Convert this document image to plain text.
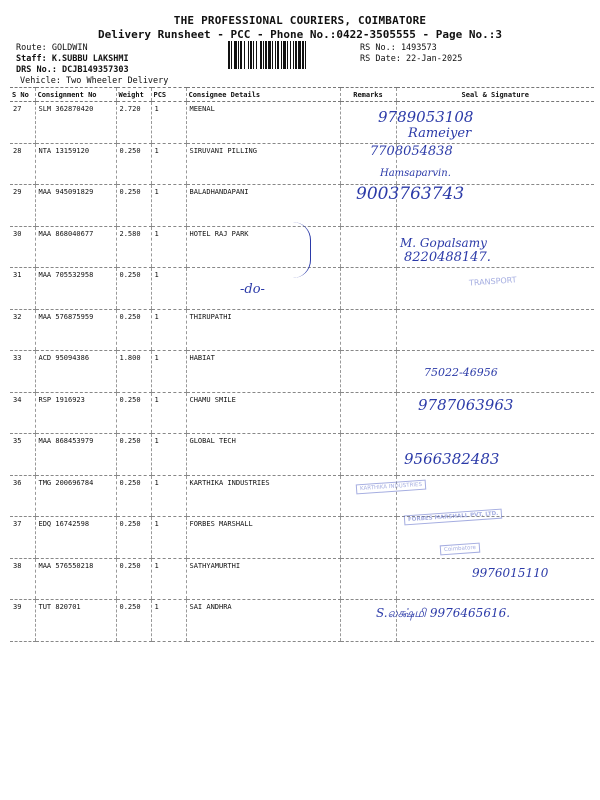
THE PROFESSIONAL COURIERS, COIMBATORE
Delivery Runsheet - PCC - Phone No.:0422-3505555 - Page No.:3
Route: GOLDWIN
Staff: K.SUBBU LAKSHMI
DRS No.: DCJB149357303
Vehicle: Two Wheeler Delivery
RS No.: 1493573
RS Date: 22-Jan-2025
S No	Consignment No	Weight	PCS	Consignee Details	Remarks	Seal & Signature
27	SLM 362870420	2.720	1	MEENAL		
28	NTA 13159120	0.250	1	SIRUVANI PILLING		
29	MAA 945091829	0.250	1	BALADHANDAPANI		
30	MAA 868040677	2.580	1	HOTEL RAJ PARK		
31	MAA 705532958	0.250	1			
32	MAA 576875959	0.250	1	THIRUPATHI		
33	ACD 95094386	1.800	1	HABIAT		
34	RSP 1916923	0.250	1	CHAMU SMILE		
35	MAA 868453979	0.250	1	GLOBAL TECH		
36	TMG 200696784	0.250	1	KARTHIKA INDUSTRIES		
37	EDQ 16742598	0.250	1	FORBES MARSHALL		
38	MAA 576550218	0.250	1	SATHYAMURTHI		
39	TUT 820701	0.250	1	SAI ANDHRA		
9789053108
Rameiyer
7708054838
Hamsaparvin.
9003763743
M. Gopalsamy
8220488147.
-do-
TRANSPORT
75022-46956
9787063963
9566382483
KARTHIKA INDUSTRIES
FORBES MARSHALL PVT. LTD.
Coimbatore
9976015110
S.லக்ஷ்மி 9976465616.
